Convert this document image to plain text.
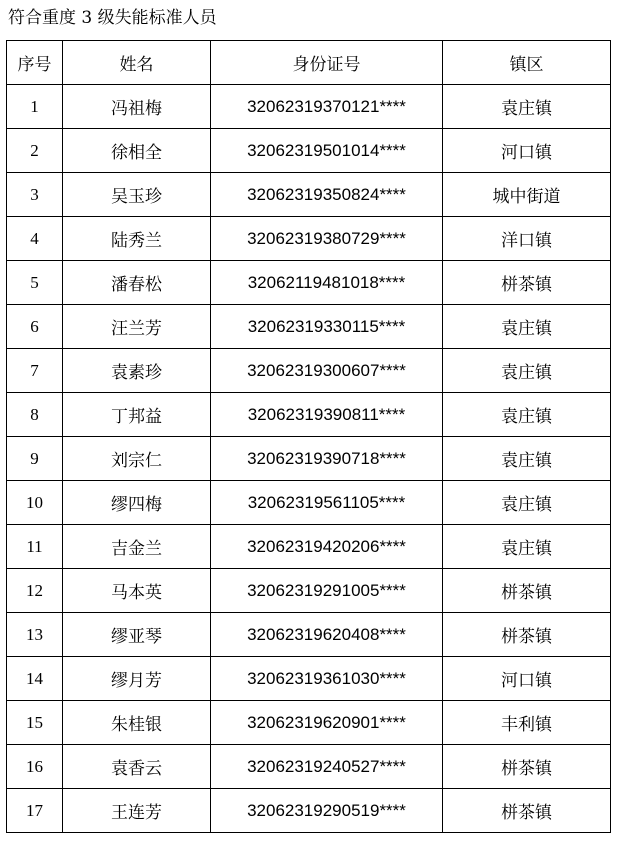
符合重度 3 级失能标准人员
序号	姓名	身份证号	镇区
1	冯祖梅	32062319370121****	袁庄镇
2	徐相全	32062319501014****	河口镇
3	吴玉珍	32062319350824****	城中街道
4	陆秀兰	32062319380729****	洋口镇
5	潘春松	32062119481018****	栟茶镇
6	汪兰芳	32062319330115****	袁庄镇
7	袁素珍	32062319300607****	袁庄镇
8	丁邦益	32062319390811****	袁庄镇
9	刘宗仁	32062319390718****	袁庄镇
10	缪四梅	32062319561105****	袁庄镇
11	吉金兰	32062319420206****	袁庄镇
12	马本英	32062319291005****	栟茶镇
13	缪亚琴	32062319620408****	栟茶镇
14	缪月芳	32062319361030****	河口镇
15	朱桂银	32062319620901****	丰利镇
16	袁香云	32062319240527****	栟茶镇
17	王连芳	32062319290519****	栟茶镇
